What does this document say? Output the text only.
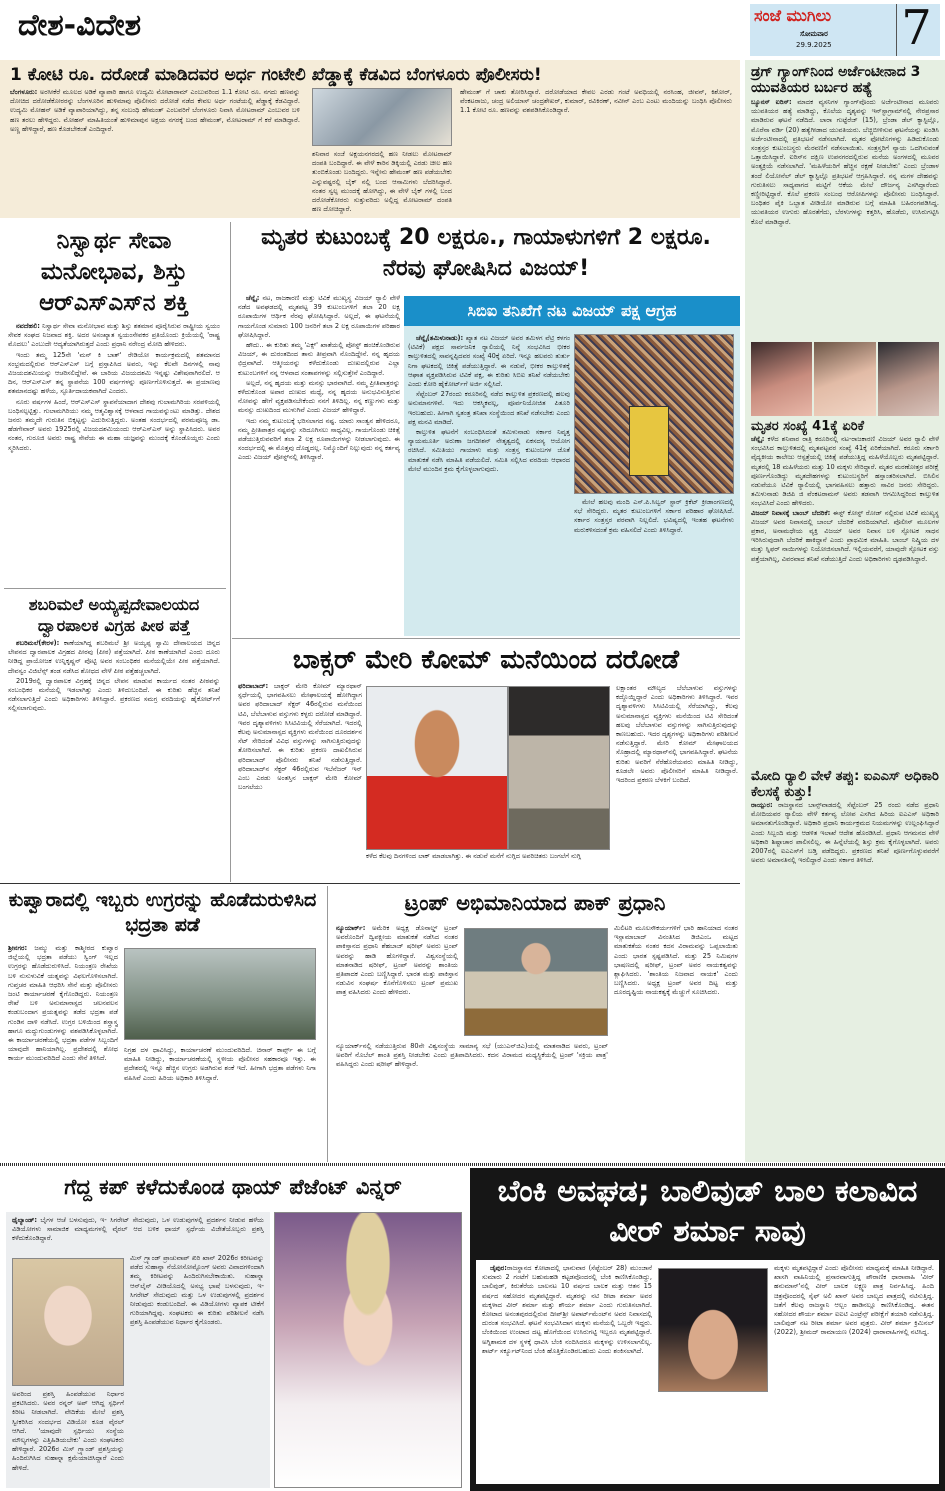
ದೇಶ-ವಿದೇಶ	ಸಂಜೆ ಮುಗಿಲು
ಸೋಮವಾರ
29.9.2025 7
1 ಕೋಟಿ ರೂ. ದರೋಡೆ ಮಾಡಿದವರ ಅರ್ಧ ಗಂಟೇಲಿ ಖೆಡ್ಡಾಕ್ಕೆ ಕೆಡವಿದ ಬೆಂಗಳೂರು ಪೊಲೀಸರು!
ಬೆಂಗಳೂರು: ಅರಸೀಕೆರೆ ಮೂಲದ ಅಡಿಕೆ ವ್ಯಾಪಾರಿ ಹಾಗೂ ಉದ್ಯಮಿ ಮೋಟಾರಾಮ್ ಎಂಬುವರಿಂದ 1.1 ಕೋಟಿ ರೂ. ನಗದು ಹಣವನ್ನು ದೋಚಿದ ದರೋಡೆಕೋರರನ್ನು ಬೆಂಗಳೂರಿನ ಹುಳಿಮಾವು ಪೊಲೀಸರು ದರೋಡೆ ನಡೆದ ಕೇವಲ ಅರ್ಧ ಗಂಟೆಯಲ್ಲಿ ಖೆಡ್ಡಾಕ್ಕೆ ಕೆಡವಿದ್ದಾರೆ. ಉದ್ಯಮಿ ಮೋಹನ್ ಅಡಿಕೆ ವ್ಯಾಪಾರಿಯಾಗಿದ್ದು, ತನ್ನ ಸಂಬಂಧಿ ಹೇಮಂತ್ ಎಂಬವರಿಗೆ ಬೆಂಗಳೂರು ನಿವಾಸಿ ಮೋಟರಾಮ್ ಎಂಬುವರ ಬಳಿ ಹಣ ತರಲು ಹೇಳಿದ್ದರು. ಮೋಹನ್ ಮಾಹಿತಿಯಂತೆ ಹುಳಿಮಾವುನ ಅಕ್ಷಯ ನಗರಕ್ಕೆ ಬಂದ ಹೇಮಂತ್, ಮೋಟರಾಮ್ ಗೆ ಕರೆ ಮಾಡಿದ್ದಾರೆ. ಅಣ್ಣ ಹೇಳಿದ್ದಾರೆ, ಹಣ ಕೊಡಬೇಕಂತೆ ಎಂದಿದ್ದಾರೆ.
ಶನಿವಾರ ಸಂಜೆ ಅಕ್ಷಯನಗರದಲ್ಲಿ ಹಣ ನೀಡಲು ಮೋಟರಾಮ್ ದಂಪತಿ ಬಂದಿದ್ದಾರೆ. ಈ ವೇಳೆ ಕಾರಿನ ಡಿಕ್ಕಿಯಲ್ಲಿ ಎರಡು ಚೀಲ ಹಣ ತುಂಬಿಕೊಂಡು ಬಂದಿದ್ದರು. ಇನ್ನೇನು ಹೇಮಂತ್ ಹಣ ಪಡೆಯಬೇಕು ಎನ್ನುವಷ್ಟರಲ್ಲಿ ಬೈಕ್ ನಲ್ಲಿ ಬಂದ ಆಸಾಮಿಗಳು ಬೆದರಿಸಿದ್ದಾರೆ. ನಂತರ ಸ್ವಲ್ಪ ಮುಂದಕ್ಕೆ ಹೋಗಿದ್ದು, ಈ ವೇಳೆ ಬೈಕ್ ಗಳಲ್ಲಿ ಬಂದ ದರೋಡೆಕೋರರು ಸುತ್ತುವರಿದು ಅಲ್ಲಿದ್ದ ಮೋಟರಾಮ್ ದಂಪತಿ ಹಣ ದೋಚಿದ್ದಾರೆ.
ಹೇಮಂತ್ ಗೆ ಚಾಕು ತೋರಿಸಿದ್ದಾರೆ. ದರೋಡೆಯಾದ ಕೇವಲ ಎರಡು ಗಂಟೆ ಅವಧಿಯಲ್ಲಿ ನರಸಿಂಹ, ಜೀವನ್, ಕಿಶೋರ್, ವೆಂಕಟರಾಜು, ಚಂದ್ರ ಅಲಿಯಾಸ್ ಚಂದ್ರಶೇಖರ್, ಕುಮಾರ್, ರವಿಕಿರಣ್, ನವೀನ್ ಎಂಬ ಎಂಟು ಮಂದಿಯನ್ನು ಬಂಧಿಸಿ ಪೊಲೀಸರು 1.1 ಕೋಟಿ ರೂ. ಹಣವನ್ನು ವಶಪಡಿಸಿಕೊಂಡಿದ್ದಾರೆ.
ಡ್ರಗ್ ಗ್ಯಾಂಗ್‌ನಿಂದ ಅರ್ಜೆಂಟೀನಾದ 3 ಯುವತಿಯರ ಬರ್ಬರ ಹತ್ಯೆ
ಬ್ಯೂನಸ್ ಐರಿಸ್: ಮಾದಕ ವ್ಯಸನಿಗಳ ಗ್ಯಾಂಗ್‌ವೊಂದು ಅರ್ಜೆಂಟೀನಾದ ಮೂವರು ಯುವತಿಯರ ಹತ್ಯೆ ಮಾಡಿದ್ದು, ಕೊಲೆಯ ದೃಶ್ಯವನ್ನು ಇನ್‌ಸ್ಟಾಗ್ರಾಮ್‌ನಲ್ಲಿ ನೇರಪ್ರಸಾರ ಮಾಡಿರುವ ಘಟನೆ ನಡೆದಿದೆ. ಲಾರಾ ಗುಟ್ಟೆರೆಜ್ (15), ಬ್ರೆಂಡಾ ಡೆಲ್ ಕ್ಯಾಸ್ಟಿಲ್ಲೊ, ಮೊರೆನಾ ವರ್ಡಿ (20) ಹತ್ಯೆಗೀಡಾದ ಯುವತಿಯರು. ಬೆಚ್ಚಿಬೀಳಿಸುವ ಘಟನೆಯನ್ನು ಖಂಡಿಸಿ ಅರ್ಜೆಂಟೀನಾದಲ್ಲಿ ಪ್ರತಿಭಟನೆ ನಡೆಸಲಾಗಿದೆ. ಮೃತರ ಫೋಟೊಗಳನ್ನು ಹಿಡಿದುಕೊಂಡು ಸಂತ್ರಸ್ತರ ಕುಟುಂಬಸ್ಥರು ಮೆರವಣಿಗೆ ನಡೆಸಲಾಯಿತು. ಸಂತ್ರಸ್ತರಿಗೆ ನ್ಯಾಯ ಒದಗಿಸುವಂತೆ ಒತ್ತಾಯಿಸಿದ್ದಾರೆ. ಐರಿಸ್‌ನ ದಕ್ಷಿಣ ಉಪನಗರದಲ್ಲಿರುವ ಮನೆಯ ಅಂಗಳದಲ್ಲಿ ಮೂವರ ಅಂತ್ಯಕ್ರಿಯೆ ನಡೆಸಲಾಗಿದೆ. 'ಮಹಿಳೆಯರಿಗೆ ಹೆಚ್ಚಿನ ರಕ್ಷಣೆ ನೀಡಬೇಕು' ಎಂದು ಬ್ರೆಂಡಾಳ ತಂದೆ ಲಿಯೋನೆಲ್ ಡೆಲ್ ಕ್ಯಾಸ್ಟಿಲ್ಲೊ ಪ್ರತಿಭಟನೆ ಆಗ್ರಹಿಸಿದ್ದಾರೆ. ನನ್ನ ಮಗಳ ದೇಹವನ್ನು ಗುರುತಿಸಲು ಸಾಧ್ಯವಾಗದ ಮಟ್ಟಿಗೆ ಆಕೆಯ ಮೇಲೆ ದೌರ್ಜನ್ಯ ಎಸಗಿದ್ದಾರೆಂದು ಕಣ್ಣೀರಿಟ್ಟಿದ್ದಾರೆ. ಕೊಲೆ ಪ್ರಕರಣ ಸಂಬಂಧ ಆರೋಪಿಗಳನ್ನು ಪೊಲೀಸರು ಬಂಧಿಸಿದ್ದಾರೆ. ಬಂಧಿತರ ಪೈಕಿ ಒಬ್ಬಾತ ವೀಡಿಯೋ ಮಾಡಿರುವ ಬಗ್ಗೆ ಮಾಹಿತಿ ಬಹಿರಂಗಪಡಿಸಿದ್ದ. ಯುವತಿಯರ ಉಗುರು ಹೊರತೆಗೆದು, ಬೆರಳುಗಳನ್ನು ಕತ್ತರಿಸಿ, ಹೊಡೆದು, ಉಸಿರುಗಟ್ಟಿಸಿ ಕೊಲೆ ಮಾಡಿದ್ದಾರೆ.
ಮೃತರ ಸಂಖ್ಯೆ 41ಕ್ಕೆ ಏರಿಕೆ
ಚೆನ್ನೈ: ಕಳೆದ ಶನಿವಾರ ರಾತ್ರಿ ಕರೂರಿನಲ್ಲಿ ನಟ-ರಾಜಕಾರಣಿ ವಿಜಯ್ ಅವರ ರ್‍ಯಾಲಿ ವೇಳೆ ಸಂಭವಿಸಿದ ಕಾಲ್ತುಳಿತದಲ್ಲಿ ಮೃತಪಟ್ಟವರ ಸಂಖ್ಯೆ 41ಕ್ಕೆ ಏರಿಕೆಯಾಗಿದೆ. ಕರೂರು ಸರ್ಕಾರಿ ವೈದ್ಯಕೀಯ ಕಾಲೇಜು ಆಸ್ಪತ್ರೆಯಲ್ಲಿ ಚಿಕಿತ್ಸೆ ಪಡೆಯುತ್ತಿದ್ದ ಮಹಿಳೆಯೊಬ್ಬರು ಮೃತಪಟ್ಟಿದ್ದಾರೆ. ಮೃತರಲ್ಲಿ 18 ಮಹಿಳೆಯರು ಮತ್ತು 10 ಮಕ್ಕಳು ಸೇರಿದ್ದಾರೆ. ಮೃತರ ಮರಣೋತ್ತರ ಪರೀಕ್ಷೆ ಪೂರ್ಣಗೊಂಡಿದ್ದು ಮೃತದೇಹಗಳನ್ನು ಕುಟುಂಬಸ್ಥರಿಗೆ ಹಸ್ತಾಂತರಿಸಲಾಗಿದೆ. ಬಿಸಿಲಿನ ನಡುವೆಯೂ ಟಿವಿಕೆ ರ್‍ಯಾಲಿಯಲ್ಲಿ ಭಾಗವಹಿಸಲು ಹತ್ತಾರು ಸಾವಿರ ಜನರು ಸೇರಿದ್ದರು. ತಮಿಳುನಾಡು ಡಿಜಿಪಿ ಜಿ ವೆಂಕಟರಾಮನ್ ಅವರು ತಡವಾಗಿ ಆಗಮಿಸಿದ್ದರಿಂದ ಕಾಲ್ತುಳಿತ ಸಂಭವಿಸಿದೆ ಎಂದು ಹೇಳಿದರು.
ವಿಜಯ್ ನಿವಾಸಕ್ಕೆ ಬಾಂಬ್ ಬೆದರಿಕೆ: ಈಸ್ಟ್ ಕೋಸ್ಟ್ ರೋಡ್ ನಲ್ಲಿರುವ ಟಿವಿಕೆ ಮುಖ್ಯಸ್ಥ ವಿಜಯ್ ಅವರ ನಿವಾಸದಲ್ಲಿ ಬಾಂಬ್ ಬೆದರಿಕೆ ವರದಿಯಾಗಿದೆ. ಪೊಲೀಸ್ ಮೂಲಗಳ ಪ್ರಕಾರ, ಅನಾಮಧೇಯ ವ್ಯಕ್ತಿ ವಿಜಯ್ ಅವರ ನಿವಾಸ ಬಳಿ ಸ್ಫೋಟಕ ಸಾಧನ ಇರಿಸಿರುವುದಾಗಿ ಬೆದರಿಕೆ ಹಾಕಿದ್ದಾನೆ ಎಂದು ಪ್ರಾಥಮಿಕ ಮಾಹಿತಿ. ಬಾಂಬ್ ನಿಷ್ಕ್ರಿಯ ದಳ ಮತ್ತು ಸ್ನಿಫರ್ ನಾಯಿಗಳನ್ನು ನಿಯೋಜಿಸಲಾಗಿದೆ. ಇಲ್ಲಿಯವರೆಗೆ, ಯಾವುದೇ ಸ್ಫೋಟಕ ವಸ್ತು ಪತ್ತೆಯಾಗಿಲ್ಲ, ವಿವರವಾದ ತನಿಖೆ ನಡೆಯುತ್ತಿದೆ ಎಂದು ಅಧಿಕಾರಿಗಳು ದೃಢಪಡಿಸಿದ್ದಾರೆ.
ಮೋದಿ ರ್‍ಯಾಲಿ ವೇಳೆ ತಪ್ಪು: ಐಎಎಸ್ ಅಧಿಕಾರಿ ಕೆಲಸಕ್ಕೆ ಕುತ್ತು!
ರಾಯ್ಪುರ: ರಾಜಸ್ಥಾನದ ಬಾನ್ಸ್‌ವಾಡದಲ್ಲಿ ಸೆಪ್ಟೆಂಬರ್ 25 ರಂದು ನಡೆದ ಪ್ರಧಾನಿ ಮೋದಿಯವರ ರ್‍ಯಾಲಿಯ ವೇಳೆ ಕರ್ತವ್ಯ ಲೋಪ ಎಸಗಿದ ಹಿರಿಯ ಐಎಎಸ್ ಅಧಿಕಾರಿ ಅಮಾನತುಗೊಂಡಿದ್ದಾರೆ. ಅಧಿಕಾರಿ ಪ್ರಧಾನಿ ಕಾರ್ಯಕ್ರಮದ ನಿಯಮಗಳನ್ನು ಉಲ್ಲಂಘಿಸಿದ್ದಾರೆ ಎಂದು ಸಿಬ್ಬಂದಿ ಮತ್ತು ಆಡಳಿತ ಇಲಾಖೆ ಆದೇಶ ಹೊರಡಿಸಿದೆ. ಪ್ರಧಾನಿ ಆಗಮನದ ವೇಳೆ ಅಧಿಕಾರಿ ಶಿಷ್ಟಾಚಾರ ಪಾಲಿಸಲಿಲ್ಲ. ಈ ಹಿನ್ನೆಲೆಯಲ್ಲಿ ಶಿಸ್ತು ಕ್ರಮ ಕೈಗೊಳ್ಳಲಾಗಿದೆ. ಅವರು 2007ರಲ್ಲಿ ಐಎಎಸ್‌ಗೆ ಬಡ್ತಿ ಪಡೆದಿದ್ದರು. ಪ್ರಕರಣದ ತನಿಖೆ ಪೂರ್ಣಗೊಳ್ಳುವವರೆಗೆ ಅವರು ಅಮಾನತಿನಲ್ಲಿ ಇರಲಿದ್ದಾರೆ ಎಂದು ಸರ್ಕಾರ ತಿಳಿಸಿದೆ.
ನಿಸ್ವಾರ್ಥ ಸೇವಾ ಮನೋಭಾವ, ಶಿಸ್ತು ಆರ್‌ಎಸ್‌ಎಸ್‌ನ ಶಕ್ತಿ

ನವದೆಹಲಿ: ನಿಸ್ವಾರ್ಥ ಸೇವಾ ಮನೋಭಾವ ಮತ್ತು ಶಿಸ್ತು ಶತಮಾನ ಪೂರೈಸಿರುವ ರಾಷ್ಟ್ರೀಯ ಸ್ವಯಂ ಸೇವಕ ಸಂಘದ ನಿಜವಾದ ಶಕ್ತಿ. ಅದರ ಅಸಂಖ್ಯಾತ ಸ್ವಯಂಸೇವಕರ ಪ್ರತಿಯೊಂದು ಕ್ರಿಯೆಯಲ್ಲಿ 'ರಾಷ್ಟ್ರ ಮೊದಲು' ಎಂಬುದೇ ಆದ್ಯತೆಯಾಗಿರುತ್ತದೆ ಎಂದು ಪ್ರಧಾನಿ ನರೇಂದ್ರ ಮೋದಿ ಹೇಳಿದರು.

ಇಂದು ತಮ್ಮ 125ನೇ 'ಮನ್ ಕಿ ಬಾತ್' ರೇಡಿಯೋ ಕಾರ್ಯಕ್ರಮದಲ್ಲಿ ಶತಮಾನದ ಸಂಭ್ರಮದಲ್ಲಿರುವ ಆರ್‌ಎಸ್‌ಎಸ್ ಬಗ್ಗೆ ಪ್ರಸ್ತಾಪಿಸಿದ ಅವರು, ಇನ್ನು ಕೆಲವೇ ದಿನಗಳಲ್ಲಿ ನಾವು ವಿಜಯದಶಮಿಯನ್ನು ಆಚರಿಸಲಿದ್ದೇವೆ. ಈ ಬಾರಿಯ ವಿಜಯದಶಮಿ ಇನ್ನಷ್ಟು ವಿಶೇಷವಾಗಿರಲಿದೆ. ಆ ದಿನ, ಆರ್‌ಎಸ್‌ಎಸ್ ತನ್ನ ಸ್ಥಾಪನೆಯ 100 ವರ್ಷಗಳನ್ನು ಪೂರ್ಣಗೊಳಿಸುತ್ತದೆ. ಈ ಪ್ರಯಾಣವು ಶತಮಾನದಷ್ಟು ಹಳೆಯ, ಸ್ಫೂರ್ತಿದಾಯಕವಾಗಿದೆ ಎಂದರು.

ನೂರು ವರ್ಷಗಳ ಹಿಂದೆ, ಆರ್‌ಎಸ್‌ಎಸ್ ಸ್ಥಾಪನೆಯಾದಾಗ ದೇಶವು ಗುಲಾಮಗಿರಿಯ ಸರಪಳಿಯಲ್ಲಿ ಬಂಧಿಸಲ್ಪಟ್ಟಿತ್ತು. ಗುಲಾಮಗಿರಿಯು ನಮ್ಮ ಆತ್ಮವಿಶ್ವಾಸಕ್ಕೆ ಆಳವಾದ ಗಾಯವನ್ನುಂಟು ಮಾಡಿತ್ತು. ದೇಶದ ಜನರು ತಮ್ಮದೇ ಗುರುತಿನ ಬಿಕ್ಕಟ್ಟನ್ನು ಎದುರಿಸುತ್ತಿದ್ದರು. ಅಂತಹ ಸಂದರ್ಭದಲ್ಲಿ ಪರಮಪೂಜ್ಯ ಡಾ. ಹೆಡಗೇವಾರ್ ಅವರು 1925ರಲ್ಲಿ ವಿಜಯದಶಮಿಯಂದು ಆರ್‌ಎಸ್‌ಎಸ್ ಅನ್ನು ಸ್ಥಾಪಿಸಿದರು. ಅವರ ನಂತರ, ಗುರೂಜಿ ಅವರು ರಾಷ್ಟ್ರ ಸೇವೆಯ ಈ ಮಹಾ ಯಜ್ಞವನ್ನು ಮುಂದಕ್ಕೆ ಕೊಂಡೊಯ್ದರು ಎಂದು ಸ್ಮರಿಸಿದರು.

ಶಬರಿಮಲೆ ಅಯ್ಯಪ್ಪದೇವಾಲಯದ ದ್ವಾರಪಾಲಕ ವಿಗ್ರಹ ಪೀಠ ಪತ್ತೆ

ಶಬರಿಮಲೆ(ಕೇರಳ): ಕಾಣೆಯಾಗಿದ್ದ ಶಬರಿಮಲೆ ಶ್ರೀ ಅಯ್ಯಪ್ಪ ಸ್ವಾಮಿ ದೇವಾಲಯದ ಚಿನ್ನದ ಲೇಪನದ ದ್ವಾರಪಾಲಕ ವಿಗ್ರಹದ ಪೀಠವು (ಪೀಠ) ಪತ್ತೆಯಾಗಿದೆ. ಪೀಠ ಕಾಣೆಯಾಗಿದೆ ಎಂದು ದೂರು ನೀಡಿದ್ದ ಪ್ರಾಯೋಜಕ ಉನ್ನಿಕೃಷ್ಣನ್ ಪೊಟ್ಟಿ ಅವರ ಸಂಬಂಧಿಕರ ಮನೆಯಲ್ಲಿಯೇ ಪೀಠ ಪತ್ತೆಯಾಗಿದೆ. ದೇವಸ್ವಂ ವಿಜಿಲೆನ್ಸ್ ತಂಡ ನಡೆಸಿದ ಶೋಧದ ವೇಳೆ ಪೀಠ ಪತ್ತೆಹಚ್ಚಲಾಗಿದೆ.

2019ರಲ್ಲಿ ದ್ವಾರಪಾಲಕ ವಿಗ್ರಹಕ್ಕೆ ಚಿನ್ನದ ಲೇಪನ ಮಾಡುವ ಕಾರ್ಯದ ನಂತರ ಪೀಠವನ್ನು ಸಂಬಂಧಿಕರ ಮನೆಯಲ್ಲಿ ಇಡಲಾಗಿತ್ತು ಎಂದು ತಿಳಿದುಬಂದಿದೆ. ಈ ಕುರಿತು ಹೆಚ್ಚಿನ ತನಿಖೆ ನಡೆಸಲಾಗುತ್ತಿದೆ ಎಂದು ಅಧಿಕಾರಿಗಳು ತಿಳಿಸಿದ್ದಾರೆ. ಪ್ರಕರಣದ ಸಮಗ್ರ ವರದಿಯನ್ನು ಹೈಕೋರ್ಟ್‌ಗೆ ಸಲ್ಲಿಸಲಾಗುವುದು.

ಮೃತರ ಕುಟುಂಬಕ್ಕೆ 20 ಲಕ್ಷರೂ., ಗಾಯಾಳುಗಳಿಗೆ 2 ಲಕ್ಷರೂ. ನೆರವು ಘೋಷಿಸಿದ ವಿಜಯ್!

ಚೆನ್ನೈ: ನಟ, ರಾಜಕಾರಣಿ ಮತ್ತು ಟಿವಿಕೆ ಮುಖ್ಯಸ್ಥ ವಿಜಯ್ ರ್‍ಯಾಲಿ ವೇಳೆ ನಡೆದ ಅವಘಡದಲ್ಲಿ ಮೃತಪಟ್ಟ 39 ಕುಟುಂಬಗಳಿಗೆ ತಲಾ 20 ಲಕ್ಷ ರೂಪಾಯಿಗಳ ಆರ್ಥಿಕ ನೆರವು ಘೋಷಿಸಿದ್ದಾರೆ. ಅಲ್ಲದೆ, ಈ ಘಟನೆಯಲ್ಲಿ ಗಾಯಗೊಂಡ ಸುಮಾರು 100 ಜನರಿಗೆ ತಲಾ 2 ಲಕ್ಷ ರೂಪಾಯಿಗಳ ಪರಿಹಾರ ಘೋಷಿಸಿದ್ದಾರೆ.

ಹೌದು.. ಈ ಕುರಿತು ತಮ್ಮ 'ಎಕ್ಸ್' ಖಾತೆಯಲ್ಲಿ ಪೋಸ್ಟ್ ಹಂಚಿಕೊಂಡಿರುವ ವಿಜಯ್, ಈ ದುರಂತದಿಂದ ತಾನು ತೀವ್ರವಾಗಿ ನೊಂದಿದ್ದೇನೆ. ನನ್ನ ಹೃದಯ ಛಿದ್ರವಾಗಿದೆ. ಆತ್ಮೀಯರನ್ನು ಕಳೆದುಕೊಂಡು ದುಃಖದಲ್ಲಿರುವ ಎಲ್ಲಾ ಕುಟುಂಬಗಳಿಗೆ ನನ್ನ ಆಳವಾದ ಸಂತಾಪಗಳನ್ನು ಸಲ್ಲಿಸುತ್ತೇನೆ ಎಂದಿದ್ದಾರೆ.

ಅಲ್ಲದೆ, ನನ್ನ ಹೃದಯ ಮತ್ತು ಮನಸ್ಸು ಭಾರವಾಗಿದೆ. ನಮ್ಮ ಪ್ರೀತಿಪಾತ್ರರನ್ನು ಕಳೆದುಕೊಂಡ ಅಪಾರ ದುಃಖದ ಮಧ್ಯೆ, ನನ್ನ ಹೃದಯ ಅನುಭವಿಸುತ್ತಿರುವ ನೋವನ್ನು ಹೇಗೆ ವ್ಯಕ್ತಪಡಿಸಬೇಕೆಂದು ನನಗೆ ತಿಳಿದಿಲ್ಲ. ನನ್ನ ಕಣ್ಣುಗಳು ಮತ್ತು ಮನಸ್ಸು ದುಃಖದಿಂದ ಮುಳುಗಿವೆ ಎಂದು ವಿಜಯ್ ಹೇಳಿದ್ದಾರೆ.

ಇದು ನಮ್ಮ ಕುಟುಂಬಕ್ಕೆ ಭರಿಸಲಾಗದ ನಷ್ಟ. ಯಾರು ಸಾಂತ್ವನ ಹೇಳಿದರೂ, ನಮ್ಮ ಪ್ರೀತಿಪಾತ್ರರ ನಷ್ಟವನ್ನು ಸರಿದೂಗಿಸಲು ಸಾಧ್ಯವಿಲ್ಲ. ಗಾಯಗೊಂಡು ಚಿಕಿತ್ಸೆ ಪಡೆಯುತ್ತಿರುವವರಿಗೆ ತಲಾ 2 ಲಕ್ಷ ರೂಪಾಯಿಗಳನ್ನು ನೀಡಲಾಗುವುದು. ಈ ಸಂದರ್ಭದಲ್ಲಿ ಈ ಮೊತ್ತವು ದೊಡ್ಡದಲ್ಲ. ನಿಮ್ಮೊಂದಿಗೆ ನಿಲ್ಲುವುದು ನನ್ನ ಕರ್ತವ್ಯ ಎಂದು ವಿಜಯ್ ಪೋಸ್ಟ್‌ನಲ್ಲಿ ತಿಳಿಸಿದ್ದಾರೆ.

ಸಿಬಿಐ ತನಿಖೆಗೆ ನಟ ವಿಜಯ್ ಪಕ್ಷ ಆಗ್ರಹ

ಚೆನ್ನೈ(ತಮಿಳುನಾಡು): ಖ್ಯಾತ ನಟ ವಿಜಯ್ ಅವರ ತಮಿಳಗ ವೆಟ್ರಿ ಕಳಗಂ (ಟಿವಿಕೆ) ಪಕ್ಷದ ಸಾರ್ವಜನಿಕ ರ್‍ಯಾಲಿಯಲ್ಲಿ ನಿನ್ನೆ ಸಂಭವಿಸಿದ ಭೀಕರ ಕಾಲ್ತುಳಿತದಲ್ಲಿ ಸಾವನ್ನಪ್ಪಿದವರ ಸಂಖ್ಯೆ 40ಕ್ಕೆ ಏರಿದೆ. ಇನ್ನೂ ಹಲವರು ತುರ್ತು ನಿಗಾ ಘಟಕದಲ್ಲಿ ಚಿಕಿತ್ಸೆ ಪಡೆಯುತ್ತಿದ್ದಾರೆ. ಈ ನಡುವೆ, ಭೀಕರ ಕಾಲ್ತುಳಿತಕ್ಕೆ ಆಘಾತ ವ್ಯಕ್ತಪಡಿಸಿರುವ ಟಿವಿಕೆ ಪಕ್ಷ, ಈ ಕುರಿತು ಸಿಬಿಐ ತನಿಖೆ ನಡೆಯಬೇಕು ಎಂದು ಕೋರಿ ಹೈಕೋರ್ಟ್‌ಗೆ ಅರ್ಜಿ ಸಲ್ಲಿಸಿದೆ.

ಸೆಪ್ಟೆಂಬರ್ 27ರಂದು ಕರೂರಿನಲ್ಲಿ ನಡೆದ ಕಾಲ್ತುಳಿತ ಪ್ರಕರಣದಲ್ಲಿ ಹಲವು ಅನುಮಾನಗಳಿವೆ. ಇದು ಆಕಸ್ಮಿಕವಲ್ಲ, ಪೂರ್ವನಿಯೋಜಿತ ಪಿತೂರಿ ಇರಬಹುದು. ಹೀಗಾಗಿ ಸ್ವತಂತ್ರ ತನಿಖಾ ಸಂಸ್ಥೆಯಿಂದ ತನಿಖೆ ನಡೆಸಬೇಕು ಎಂದು ಪಕ್ಷ ಮನವಿ ಮಾಡಿದೆ.

ಕಾಲ್ತುಳಿತ ಘಟನೆಗೆ ಸಂಬಂಧಿಸಿದಂತೆ ತಮಿಳುನಾಡು ಸರ್ಕಾರ ನಿವೃತ್ತ ನ್ಯಾಯಮೂರ್ತಿ ಅರುಣಾ ಜಗದೀಶನ್ ನೇತೃತ್ವದಲ್ಲಿ ಏಕಸದಸ್ಯ ಆಯೋಗ ರಚಿಸಿದೆ. ಸಮಿತಿಯು ಗಾಯಾಳು ಮತ್ತು ಸಂತ್ರಸ್ತ ಕುಟುಂಬಗಳ ಜೊತೆ ಮಾತುಕತೆ ನಡೆಸಿ ಮಾಹಿತಿ ಪಡೆಯಲಿದೆ. ಸಮಿತಿ ಸಲ್ಲಿಸಿದ ವರದಿಯ ಆಧಾರದ ಮೇಲೆ ಮುಂದಿನ ಕ್ರಮ ಕೈಗೊಳ್ಳಲಾಗುವುದು.

ಮೇಲೆ ಹಲವು ಮಂದಿ ಎಸ್.ಪಿ.ಸಿಲ್ವರ್ ಸ್ಟಾರ್ ಕ್ರಿಕೆಟ್ ಕ್ರೀಡಾಂಗಣದಲ್ಲಿ ಸಭೆ ಸೇರಿದ್ದರು. ಮೃತರ ಕುಟುಂಬಗಳಿಗೆ ಸರ್ಕಾರ ಪರಿಹಾರ ಘೋಷಿಸಿದೆ. ಸರ್ಕಾರ ಸಂತ್ರಸ್ತರ ಪರವಾಗಿ ನಿಲ್ಲಲಿದೆ. ಭವಿಷ್ಯದಲ್ಲಿ ಇಂತಹ ಘಟನೆಗಳು ಮರುಕಳಿಸದಂತೆ ಕ್ರಮ ವಹಿಸಲಿದೆ ಎಂದು ತಿಳಿಸಿದ್ದಾರೆ.

ಬಾಕ್ಸರ್ ಮೇರಿ ಕೋಮ್ ಮನೆಯಿಂದ ದರೋಡೆ
ಫರಿದಾಬಾದ್: ಬಾಕ್ಸರ್ ಮೇರಿ ಕೋಮ್ ಮ್ಯಾರಥಾನ್ ಸ್ಪರ್ಧೆಯಲ್ಲಿ ಭಾಗವಹಿಸಲು ಮೇಘಾಲಯಕ್ಕೆ ಹೋಗಿದ್ದಾಗ ಅವರ ಫರಿದಾಬಾದ್ ಸೆಕ್ಟರ್ 46ರಲ್ಲಿರುವ ಮನೆಯಿಂದ ಟಿವಿ, ಬೆಲೆಬಾಳುವ ವಸ್ತುಗಳು ಕಳ್ಳರು ದರೋಡೆ ಮಾಡಿದ್ದಾರೆ. ಇವರ ದೃಶ್ಯಾವಳಿಗಳು ಸಿಸಿಟಿವಿಯಲ್ಲಿ ಸೆರೆಯಾಗಿದೆ. ಇದರಲ್ಲಿ ಕೆಲವು ಅನುಮಾನಾಸ್ಪದ ವ್ಯಕ್ತಿಗಳು ಮನೆಯಿಂದ ದೂರದರ್ಶನ ಸೆಟ್ ಸೇರಿದಂತೆ ವಿವಿಧ ವಸ್ತುಗಳನ್ನು ಸಾಗಿಸುತ್ತಿರುವುದನ್ನು ತೋರಿಸಲಾಗಿದೆ. ಈ ಕುರಿತು ಪ್ರಕರಣ ದಾಖಲಿಸಿರುವ ಫರಿದಾಬಾದ್ ಪೊಲೀಸರು ತನಿಖೆ ನಡೆಸುತ್ತಿದ್ದಾರೆ. ಫರಿದಾಬಾದ್‌ನ ಸೆಕ್ಟರ್ 46ರಲ್ಲಿರುವ ಇಬೆನೆಜರ್ ಇನ್ ಎಂಬ ಎರಡು ಅಂತಸ್ತಿನ ಬಾಕ್ಸರ್ ಮೇರಿ ಕೋಮ್ ಬಂಗಲೆಯು
ಕಳೆದ ಕೆಲವು ದಿನಗಳಿಂದ ಲಾಕ್ ಮಾಡಲಾಗಿತ್ತು. ಈ ನಡುವೆ ಮನೆಗೆ ನುಗ್ಗಿದ ಅಪರಿಚಿತರು ಬಂಗಲೆಗೆ ನುಗ್ಗಿ
ಲಕ್ಷಾಂತರ ಮೌಲ್ಯದ ಬೆಲೆಬಾಳುವ ವಸ್ತುಗಳನ್ನು ಕದ್ದೊಯ್ದಿದ್ದಾರೆ ಎಂದು ಅಧಿಕಾರಿಗಳು ತಿಳಿಸಿದ್ದಾರೆ. ಇವರ ದೃಶ್ಯಾವಳಿಗಳು ಸಿಸಿಟಿವಿಯಲ್ಲಿ ಸೆರೆಯಾಗಿದ್ದು, ಕೆಲವು ಅನುಮಾನಾಸ್ಪದ ವ್ಯಕ್ತಿಗಳು ಮನೆಯಿಂದ ಟಿವಿ ಸೇರಿದಂತೆ ಹಲವು ಬೆಲೆಬಾಳುವ ವಸ್ತುಗಳನ್ನು ಸಾಗಿಸುತ್ತಿರುವುದನ್ನು ಕಾಣಬಹುದು. ಇದರ ದೃಶ್ಯಗಳನ್ನು ಅಧಿಕಾರಿಗಳು ಪರಿಶೀಲನೆ ನಡೆಸುತ್ತಿದ್ದಾರೆ. ಮೇರಿ ಕೋಮ್ ಮೇಘಾಲಯದ ಸೊಹ್ರಾದಲ್ಲಿ ಮ್ಯಾರಥಾನ್‌ನಲ್ಲಿ ಭಾಗವಹಿಸಿದ್ದಾರೆ. ಘಟನೆಯ ಕುರಿತು ಅವರಿಗೆ ನೆರೆಹೊರೆಯವರು ಮಾಹಿತಿ ನೀಡಿದ್ದು, ಕೂಡಲೇ ಅವರು ಪೊಲೀಸರಿಗೆ ಮಾಹಿತಿ ನೀಡಿದ್ದಾರೆ. ಇದರಿಂದ ಪ್ರಕರಣ ಬೆಳಕಿಗೆ ಬಂದಿದೆ.
ಕುಪ್ವಾರಾದಲ್ಲಿ ಇಬ್ಬರು ಉಗ್ರರನ್ನು ಹೊಡೆದುರುಳಿಸಿದ ಭದ್ರತಾ ಪಡೆ
ಶ್ರೀನಗರ: ಜಮ್ಮು ಮತ್ತು ಕಾಶ್ಮೀರದ ಕುಪ್ವಾರ ಜಿಲ್ಲೆಯಲ್ಲಿ ಭದ್ರತಾ ಪಡೆಯು ಸ್ವಿಂಗ್ ಇಲ್ಲದ ಉಗ್ರರನ್ನು ಹೊಡೆದುರುಳಿಸಿದೆ. ನಿಯಂತ್ರಣ ರೇಖೆಯ ಬಳಿ ನುಸುಳುವಿಕೆ ಯತ್ನವನ್ನು ವಿಫಲಗೊಳಿಸಲಾಗಿದೆ. ಗುಪ್ತಚರ ಮಾಹಿತಿ ಆಧರಿಸಿ ಸೇನೆ ಮತ್ತು ಪೊಲೀಸರು ಜಂಟಿ ಕಾರ್ಯಾಚರಣೆ ಕೈಗೊಂಡಿದ್ದರು. ನಿಯಂತ್ರಣ ರೇಖೆ ಬಳಿ ಅನುಮಾನಾಸ್ಪದ ಚಲನವಲನ ಕಂಡುಬಂದಾಗ ಪ್ರಯತ್ನವನ್ನು ತಡೆದ ಭದ್ರತಾ ಪಡೆ ಗುಂಡಿನ ದಾಳಿ ನಡೆಸಿದೆ. ಉಗ್ರರ ಬಳಿಯಿಂದ ಶಸ್ತ್ರಾಸ್ತ್ರ ಹಾಗೂ ಮದ್ದುಗುಂಡುಗಳನ್ನು ವಶಪಡಿಸಿಕೊಳ್ಳಲಾಗಿದೆ. ಈ ಕಾರ್ಯಾಚರಣೆಯಲ್ಲಿ ಭದ್ರತಾ ಪಡೆಗಳ ಸಿಬ್ಬಂದಿಗೆ ಯಾವುದೇ ಹಾನಿಯಾಗಿಲ್ಲ. ಪ್ರದೇಶದಲ್ಲಿ ಶೋಧ ಕಾರ್ಯ ಮುಂದುವರಿದಿದೆ ಎಂದು ಸೇನೆ ತಿಳಿಸಿದೆ.
ನಿಗ್ರಹ ದಳ ಧಾವಿಸಿದ್ದು, ಕಾರ್ಯಾಚರಣೆ ಮುಂದುವರಿದಿದೆ. ಚಿನಾರ್ ಕಾರ್ಪ್ಸ್ ಈ ಬಗ್ಗೆ ಮಾಹಿತಿ ನೀಡಿದ್ದು, ಕಾರ್ಯಾಚರಣೆಯಲ್ಲಿ ಸ್ಥಳೀಯ ಪೊಲೀಸರ ಸಹಕಾರವೂ ಇತ್ತು. ಈ ಪ್ರದೇಶದಲ್ಲಿ ಇನ್ನೂ ಹೆಚ್ಚಿನ ಉಗ್ರರು ಅಡಗಿರುವ ಶಂಕೆ ಇದೆ. ಹೀಗಾಗಿ ಭದ್ರತಾ ಪಡೆಗಳು ನಿಗಾ ವಹಿಸಿವೆ ಎಂದು ಹಿರಿಯ ಅಧಿಕಾರಿ ತಿಳಿಸಿದ್ದಾರೆ.
ಟ್ರಂಪ್ ಅಭಿಮಾನಿಯಾದ ಪಾಕ್ ಪ್ರಧಾನಿ
ನ್ಯೂಯಾರ್ಕ್: ಅಮೆರಿಕ ಅಧ್ಯಕ್ಷ ಡೊನಾಲ್ಡ್ ಟ್ರಂಪ್ ಅವರೊಂದಿಗೆ ದ್ವಿಪಕ್ಷೀಯ ಮಾತುಕತೆ ನಡೆಸಿದ ನಂತರ ಪಾಕಿಸ್ತಾನದ ಪ್ರಧಾನಿ ಶೆಹಬಾಜ್ ಷರೀಫ್ ಅವರು ಟ್ರಂಪ್ ಅವರನ್ನು ಹಾಡಿ ಹೊಗಳಿದ್ದಾರೆ. ವಿಶ್ವಸಂಸ್ಥೆಯಲ್ಲಿ ಮಾತನಾಡಿದ ಷರೀಫ್, ಟ್ರಂಪ್ ಅವರನ್ನು ಶಾಂತಿಯ ಪ್ರತಿಪಾದಕ ಎಂದು ಬಣ್ಣಿಸಿದ್ದಾರೆ. ಭಾರತ ಮತ್ತು ಪಾಕಿಸ್ತಾನ ನಡುವಿನ ಸಂಘರ್ಷ ಕೊನೆಗೊಳಿಸಲು ಟ್ರಂಪ್ ಪ್ರಮುಖ ಪಾತ್ರ ವಹಿಸಿದರು ಎಂದು ಹೇಳಿದರು.
ನ್ಯೂಯಾರ್ಕ್‌ನಲ್ಲಿ ನಡೆಯುತ್ತಿರುವ 80ನೇ ವಿಶ್ವಸಂಸ್ಥೆಯ ಸಾಮಾನ್ಯ ಸಭೆ (ಯುಎನ್‌ಜಿಎ)ಯಲ್ಲಿ ಮಾತನಾಡಿದ ಅವರು, ಟ್ರಂಪ್ ಅವರಿಗೆ ನೊಬೆಲ್ ಶಾಂತಿ ಪ್ರಶಸ್ತಿ ನೀಡಬೇಕು ಎಂದು ಪ್ರತಿಪಾದಿಸಿದರು. ಕದನ ವಿರಾಮದ ಮಧ್ಯಸ್ಥಿಕೆಯಲ್ಲಿ ಟ್ರಂಪ್ 'ಸಕ್ರಿಯ ಪಾತ್ರ' ವಹಿಸಿದ್ದರು ಎಂದು ಷರೀಫ್ ಹೇಳಿದ್ದಾರೆ.
ಮಿಲಿಟರಿ ಮೂಲಸೌಕರ್ಯಗಳಿಗೆ ಭಾರಿ ಹಾನಿಯಾದ ನಂತರ ಇಸ್ಲಾಮಾಬಾದ್ ವಿನಂತಿಸಿದ ಡಿಜಿಎಂಒ ಮಟ್ಟದ ಮಾತುಕತೆಯ ನಂತರ ಕದನ ವಿರಾಮವನ್ನು ಒಪ್ಪಲಾಯಿತು ಎಂದು ಭಾರತ ಸ್ಪಷ್ಟಪಡಿಸಿದೆ. ಮತ್ತು 25 ನಿಮಿಷಗಳ ಭಾಷಣದಲ್ಲಿ ಷರೀಫ್, ಟ್ರಂಪ್ ಅವರ ನಾಯಕತ್ವವನ್ನು ಶ್ಲಾಘಿಸಿದರು. 'ಶಾಂತಿಯ ನಿಜವಾದ ನಾಯಕ' ಎಂದು ಬಣ್ಣಿಸಿದರು. ಅಧ್ಯಕ್ಷ ಟ್ರಂಪ್ ಅವರ ದಿಟ್ಟ ಮತ್ತು ದೂರದೃಷ್ಟಿಯ ನಾಯಕತ್ವಕ್ಕೆ ಮೆಚ್ಚುಗೆ ಸೂಚಿಸಿದರು.
ಗೆದ್ದ ಕಪ್ ಕಳೆದುಕೊಂಡ ಥಾಯ್ ಪೆಜೆಂಟ್ ವಿನ್ನರ್
ಥೈಲ್ಯಾಂಡ್: ಬೈಗಳ ಆಚೆ ಬಳಸುವುದು, ಇ- ಸಿಗರೇಟ್ ಸೇದುವುದು, ಒಳ ಉಡುಪುಗಳಲ್ಲಿ ಪ್ರದರ್ಶನ ನೀಡುವ ಹಳೆಯ ವಿಡಿಯೋಗಳು ಸಾಮಾಜಿಕ ಮಾಧ್ಯಮಗಳಲ್ಲಿ ವೈರಲ್ ಆದ ಬಳಿಕ ಥಾಯ್ ಸ್ಪರ್ಧೆಯ ವಿಜೇತೆಯೊಬ್ಬರು ಪ್ರಶಸ್ತಿ ಕಳೆದುಕೊಂಡಿದ್ದಾರೆ.
ಮಿಸ್ ಗ್ರ್ಯಾಂಡ್ ಪ್ರಾಚುವಾಪ್ ಖಿರಿ ಖಾನ್ 2026ರ ಕಿರೀಟವನ್ನು ಪಡೆದ ಸುಹಾನ್ನಾ ನೆಯೋಸೋಮ್ಪೊಂಗ್ ಅವರು ವಿವಾದಗಳಿಂದಾಗಿ ತಮ್ಮ ಕಿರೀಟವನ್ನು ಹಿಂದಿರುಗಿಸಬೇಕಾಯಿತು. ಸುಹಾನ್ನಾ ಆನ್‌ಲೈನ್ ವೀಡಿಯೊದಲ್ಲಿ ಅಸಭ್ಯ ಭಾಷೆ ಬಳಸುವುದು, ಇ-ಸಿಗರೇಟ್ ಸೇದುವುದು ಮತ್ತು ಒಳ ಉಡುಪುಗಳಲ್ಲಿ ಪ್ರದರ್ಶನ ನೀಡುವುದು ಕಂಡುಬಂದಿದೆ. ಈ ವಿಡಿಯೋಗಳು ವ್ಯಾಪಕ ಟೀಕೆಗೆ ಗುರಿಯಾಗಿದ್ದವು. ಸಂಘಟಕರು ಈ ಕುರಿತು ಪರಿಶೀಲನೆ ನಡೆಸಿ ಪ್ರಶಸ್ತಿ ಹಿಂಪಡೆಯುವ ನಿರ್ಧಾರ ಕೈಗೊಂಡರು.
ಅವರಿಂದ ಪ್ರಶಸ್ತಿ ಹಿಂಪಡೆಯುವ ನಿರ್ಧಾರ ಪ್ರಕಟಿಸಿದರು. ಅವರ ರನ್ನರ್ ಅಪ್ ಆಗಿದ್ದ ಸ್ಪರ್ಧಿಗೆ ಕಿರೀಟ ನೀಡಲಾಗಿದೆ. ವೇದಿಕೆಯ ಮೇಲೆ ಪ್ರಶಸ್ತಿ ಸ್ವೀಕರಿಸಿದ ಸಂದರ್ಭದ ವಿಡಿಯೋ ಕೂಡ ವೈರಲ್ ಆಗಿದೆ. 'ಯಾವುದೇ ಸ್ಪರ್ಧಿಯು ಸಂಸ್ಥೆಯ ಮೌಲ್ಯಗಳನ್ನು ಎತ್ತಿಹಿಡಿಯಬೇಕು' ಎಂದು ಸಂಘಟಕರು ಹೇಳಿದ್ದಾರೆ. 2026ರ ಮಿಸ್ ಗ್ರ್ಯಾಂಡ್ ಪ್ರಶಸ್ತಿಯನ್ನು ಹಿಂದಿರುಗಿಸಿದ ಸುಹಾನ್ನಾ ಕ್ಷಮೆಯಾಚಿಸಿದ್ದಾರೆ ಎಂದು ಹೇಳಿದೆ.
ಬೆಂಕಿ ಅವಘಡ; ಬಾಲಿವುಡ್ ಬಾಲ ಕಲಾವಿದ ವೀರ್ ಶರ್ಮಾ ಸಾವು

ಜೈಪುರ:ರಾಜಸ್ಥಾನದ ಕೋಟಾದಲ್ಲಿ ಭಾನುವಾರ (ಸೆಪ್ಟೆಂಬರ್ 28) ಮುಂಜಾನೆ ಸುಮಾರು 2 ಗಂಟೆಗೆ ಬಹುಮಹಡಿ ಕಟ್ಟಡವೊಂದರಲ್ಲಿ ಬೆಂಕಿ ಕಾಣಿಸಿಕೊಂಡಿದ್ದು, ಬಾಲಿವುಡ್, ಕಿರುತೆರೆಯ ಬಾಲನಟ 10 ವರ್ಷದ ಬಾಲಕ ಮತ್ತು ಆತನ 15 ವರ್ಷದ ಸಹೋದರ ಮೃತಪಟ್ಟಿದ್ದಾರೆ. ಮೃತರನ್ನು ನಟಿ ರೀಟಾ ಶರ್ಮಾ ಅವರ ಮಕ್ಕಳಾದ ವೀರ್ ಶರ್ಮಾ ಮತ್ತು ಶೌರ್ಯ ಶರ್ಮಾ ಎಂದು ಗುರುತಿಸಲಾಗಿದೆ. ಕೋಟಾದ ಅನಂತಪುರದಲ್ಲಿರುವ ದೀಪ್‌ಶ್ರೀ ಅಪಾರ್ಟ್‌ಮೆಂಟ್‌ನ ಅವರ ನಿವಾಸದಲ್ಲಿ ದುರಂತ ಸಂಭವಿಸಿದೆ. ಘಟನೆ ಸಂಭವಿಸಿದಾಗ ಮಕ್ಕಳು ಮನೆಯಲ್ಲಿ ಒಬ್ಬರೇ ಇದ್ದರು. ಬೆಂಕಿಯಿಂದ ಉಂಟಾದ ದಟ್ಟ ಹೊಗೆಯಿಂದ ಉಸಿರುಗಟ್ಟಿ ಇಬ್ಬರೂ ಮೃತಪಟ್ಟಿದ್ದಾರೆ. ಅಗ್ನಿಶಾಮಕ ದಳ ಸ್ಥಳಕ್ಕೆ ಧಾವಿಸಿ ಬೆಂಕಿ ನಂದಿಸಿದರೂ ಮಕ್ಕಳನ್ನು ಉಳಿಸಲಾಗಲಿಲ್ಲ. ಶಾರ್ಟ್ ಸರ್ಕ್ಯೂಟ್‌ನಿಂದ ಬೆಂಕಿ ಹೊತ್ತಿಕೊಂಡಿರಬಹುದು ಎಂದು ಶಂಕಿಸಲಾಗಿದೆ.

ಮಕ್ಕಳು ಮೃತಪಟ್ಟಿದ್ದಾರೆ ಎಂದು ಪೊಲೀಸರು ಮಾಧ್ಯಮಕ್ಕೆ ಮಾಹಿತಿ ನೀಡಿದ್ದಾರೆ. ಖಾಸಗಿ ವಾಹಿನಿಯಲ್ಲಿ ಪ್ರಸಾರವಾಗುತ್ತಿದ್ದ ಪೌರಾಣಿಕ ಧಾರಾವಾಹಿ 'ವೀರ್ ಹನುಮಾನ್'ನಲ್ಲಿ ವೀರ್ ಬಾಲಕ ಲಕ್ಷ್ಮಣ ಪಾತ್ರ ನಿರ್ವಹಿಸಿದ್ದ. ಹಿಂದಿ ಚಿತ್ರವೊಂದರಲ್ಲಿ ಸೈಫ್ ಅಲಿ ಖಾನ್ ಅವರ ಬಾಲ್ಯದ ಪಾತ್ರದಲ್ಲಿ ನಟಿಸುತ್ತಿದ್ದ. ಜತೆಗೆ ಕೆಲವು ರಾಜಸ್ಥಾನಿ ಆಲ್ಬಂ ಹಾಡಿನಲ್ಲೂ ಕಾಣಿಸಿಕೊಂಡಿದ್ದ. ಈತನ ಸಹೋದರ ಶೌರ್ಯ ಶರ್ಮಾ ಐಐಟಿ ಎಂಟ್ರೆನ್ಸ್ ಪರೀಕ್ಷೆಗೆ ತಯಾರಿ ನಡೆಸುತ್ತಿದ್ದ. ಬಾಲಿವುಡ್ ನಟ ರೀಟಾ ಶರ್ಮಾ ಅವರ ಪುತ್ರರು. ವೀರ್ ಶರ್ಮಾ ಕ್ರಿಮಿನಲ್ (2022), ಶ್ರೀಮದ್ ರಾಮಾಯಣ (2024) ಧಾರಾವಾಹಿಗಳಲ್ಲಿ ನಟಿಸಿದ್ದ.
